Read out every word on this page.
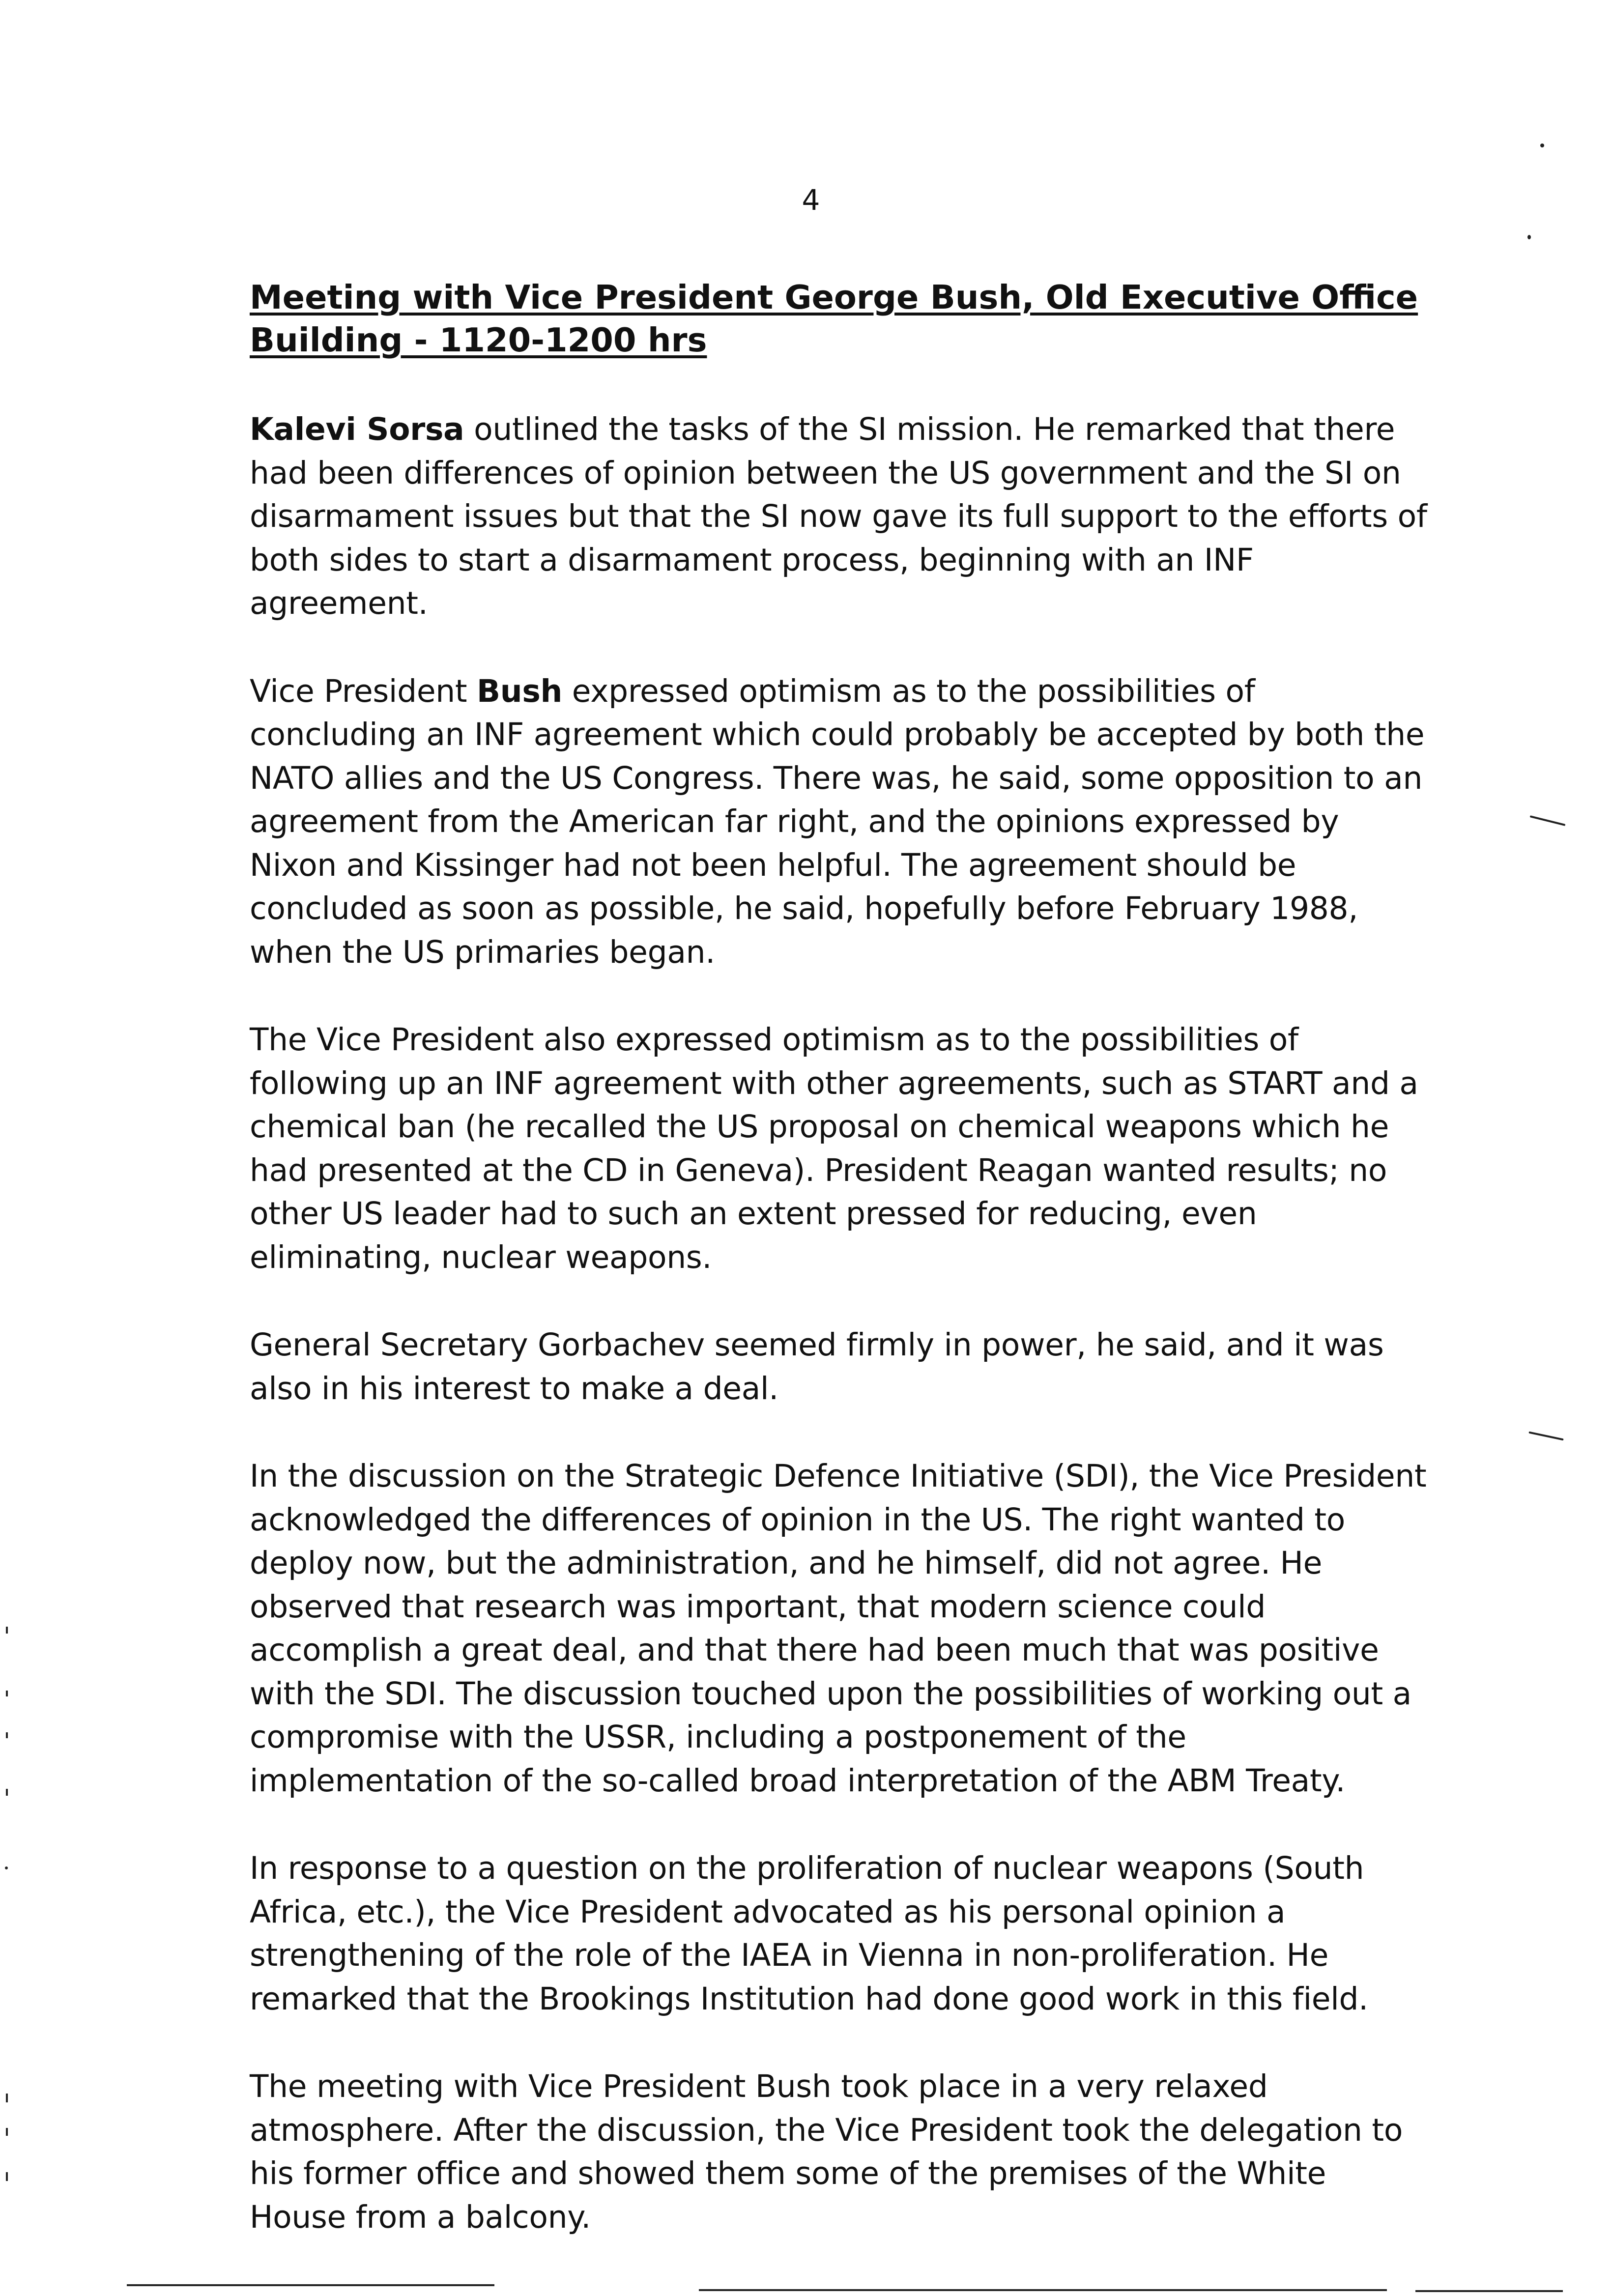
4
Meeting with Vice President George Bush, Old Executive Office Building - 1120-1200 hrs

Kalevi Sorsa outlined the tasks of the SI mission. He remarked that there had been differences of opinion between the US government and the SI on disarmament issues but that the SI now gave its full support to the efforts of both sides to start a disarmament process, beginning with an INF agreement.

Vice President Bush expressed optimism as to the possibilities of concluding an INF agreement which could probably be accepted by both the NATO allies and the US Congress. There was, he said, some opposition to an agreement from the American far right, and the opinions expressed by Nixon and Kissinger had not been helpful. The agreement should be concluded as soon as possible, he said, hopefully before February 1988, when the US primaries began.

The Vice President also expressed optimism as to the possibilities of following up an INF agreement with other agreements, such as START and a chemical ban (he recalled the US proposal on chemical weapons which he had presented at the CD in Geneva). President Reagan wanted results; no other US leader had to such an extent pressed for reducing, even eliminating, nuclear weapons.

General Secretary Gorbachev seemed firmly in power, he said, and it was also in his interest to make a deal.

In the discussion on the Strategic Defence Initiative (SDI), the Vice President acknowledged the differences of opinion in the US. The right wanted to deploy now, but the administration, and he himself, did not agree. He observed that research was important, that modern science could accomplish a great deal, and that there had been much that was positive with the SDI. The discussion touched upon the possibilities of working out a compromise with the USSR, including a postponement of the implementation of the so-called broad interpretation of the ABM Treaty.

In response to a question on the proliferation of nuclear weapons (South Africa, etc.), the Vice President advocated as his personal opinion a strengthening of the role of the IAEA in Vienna in non-proliferation. He remarked that the Brookings Institution had done good work in this field.

The meeting with Vice President Bush took place in a very relaxed atmosphere. After the discussion, the Vice President took the delegation to his former office and showed them some of the premises of the White House from a balcony.
